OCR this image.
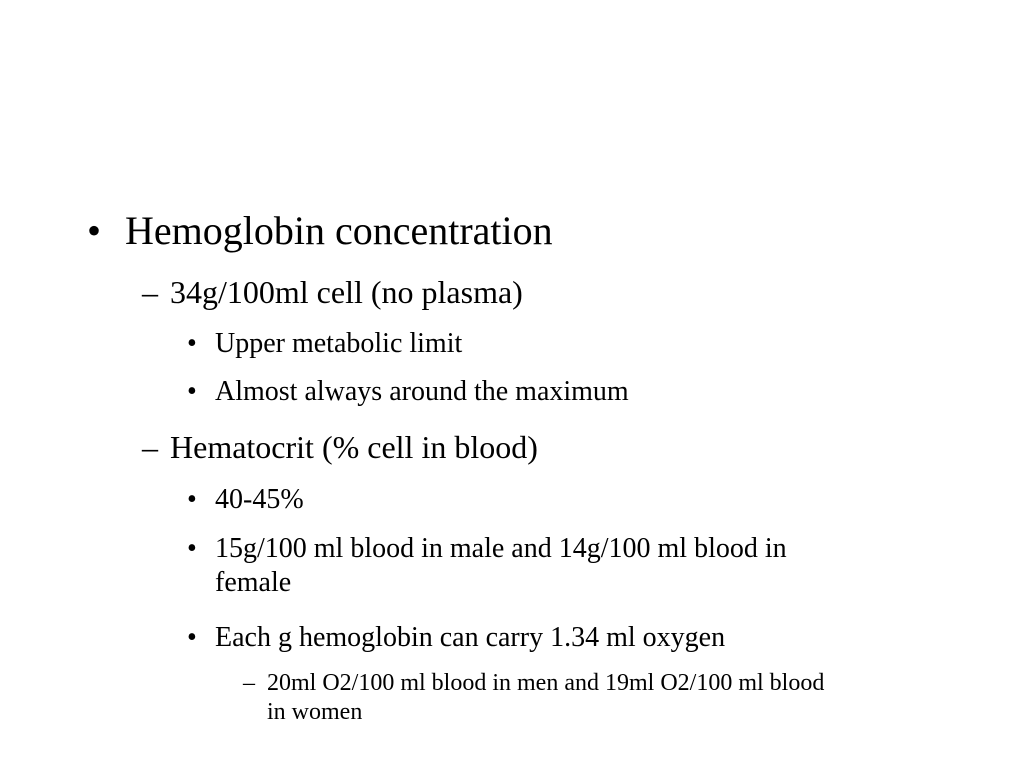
• Hemoglobin concentration
– 34g/100ml cell (no plasma)
• Upper metabolic limit
• Almost always around the maximum
– Hematocrit (% cell in blood)
• 40-45%
• 15g/100 ml blood in male and 14g/100 ml blood in
female
• Each g hemoglobin can carry 1.34 ml oxygen
– 20ml O2/100 ml blood in men and 19ml O2/100 ml blood
in women
